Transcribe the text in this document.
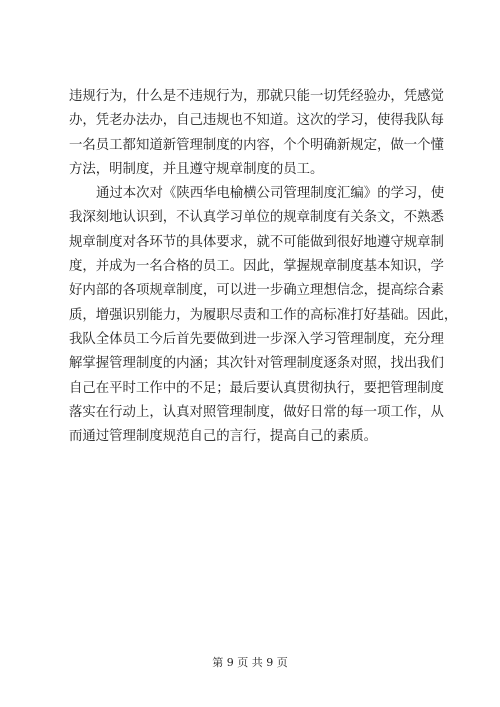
违规行为，什么是不违规行为，那就只能一切凭经验办，凭感觉
办，凭老办法办，自己违规也不知道。这次的学习，使得我队每
一名员工都知道新管理制度的内容，个个明确新规定，做一个懂
方法，明制度，并且遵守规章制度的员工。

通过本次对《陕西华电榆横公司管理制度汇编》的学习，使
我深刻地认识到，不认真学习单位的规章制度有关条文，不熟悉
规章制度对各环节的具体要求，就不可能做到很好地遵守规章制
度，并成为一名合格的员工。因此，掌握规章制度基本知识，学
好内部的各项规章制度，可以进一步确立理想信念，提高综合素
质，增强识别能力，为履职尽责和工作的高标准打好基础。因此，
我队全体员工今后首先要做到进一步深入学习管理制度，充分理
解掌握管理制度的内涵；其次针对管理制度逐条对照，找出我们
自己在平时工作中的不足；最后要认真贯彻执行，要把管理制度
落实在行动上，认真对照管理制度，做好日常的每一项工作，从
而通过管理制度规范自己的言行，提高自己的素质。

第 9 页 共 9 页
